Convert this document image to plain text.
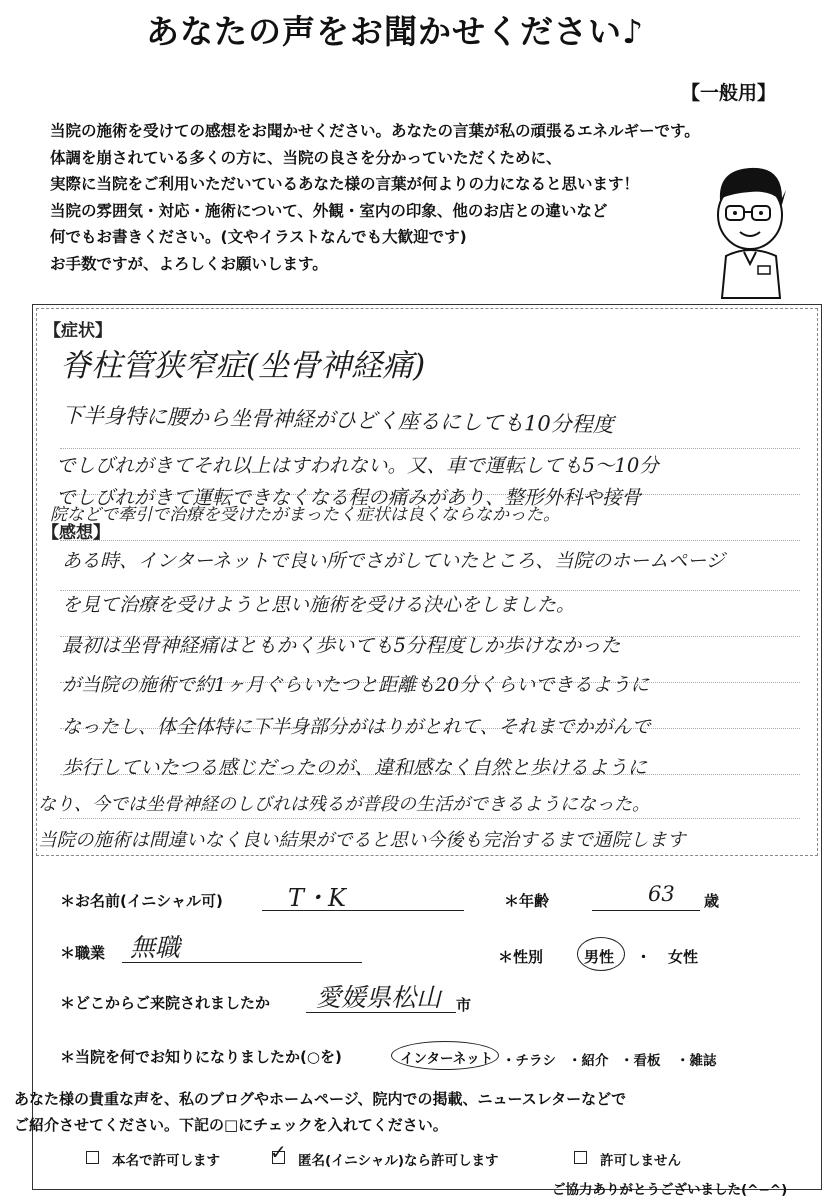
あなたの声をお聞かせください♪
【一般用】
当院の施術を受けての感想をお聞かせください。あなたの言葉が私の頑張るエネルギーです。
体調を崩されている多くの方に、当院の良さを分かっていただくために、
実際に当院をご利用いただいているあなた様の言葉が何よりの力になると思います！
当院の雰囲気・対応・施術について、外観・室内の印象、他のお店との違いなど
何でもお書きください。(文やイラストなんでも大歓迎です)
お手数ですが、よろしくお願いします。
【症状】
脊柱管狭窄症(坐骨神経痛)
下半身特に腰から坐骨神経がひどく座るにしても10分程度
でしびれがきてそれ以上はすわれない。又、車で運転しても5〜10分
でしびれがきて運転できなくなる程の痛みがあり、整形外科や接骨
院などで牽引で治療を受けたがまったく症状は良くならなかった。
【感想】
ある時、インターネットで良い所でさがしていたところ、当院のホームページ
を見て治療を受けようと思い施術を受ける決心をしました。
最初は坐骨神経痛はともかく歩いても5分程度しか歩けなかった
が当院の施術で約1ヶ月ぐらいたつと距離も20分くらいできるように
なったし、体全体特に下半身部分がはりがとれて、それまでかがんで
歩行していたつる感じだったのが、違和感なく自然と歩けるように
なり、今では坐骨神経のしびれは残るが普段の生活ができるようになった。
当院の施術は間違いなく良い結果がでると思い今後も完治するまで通院します
＊お名前(イニシャル可)	T・K	＊年齢	63 歳
＊職業 無職	＊性別	男性 ・ 女性
＊どこからご来院されましたか 愛媛県松山 市
＊当院を何でお知りになりましたか(○を)	インターネット ・チラシ ・紹介 ・看板 ・雑誌
あなた様の貴重な声を、私のブログやホームページ、院内での掲載、ニュースレターなどで
ご紹介させてください。下記の□にチェックを入れてください。
本名で許可します	✓ 匿名(イニシャル)なら許可します	許可しません
ご協力ありがとうございました(^−^)
